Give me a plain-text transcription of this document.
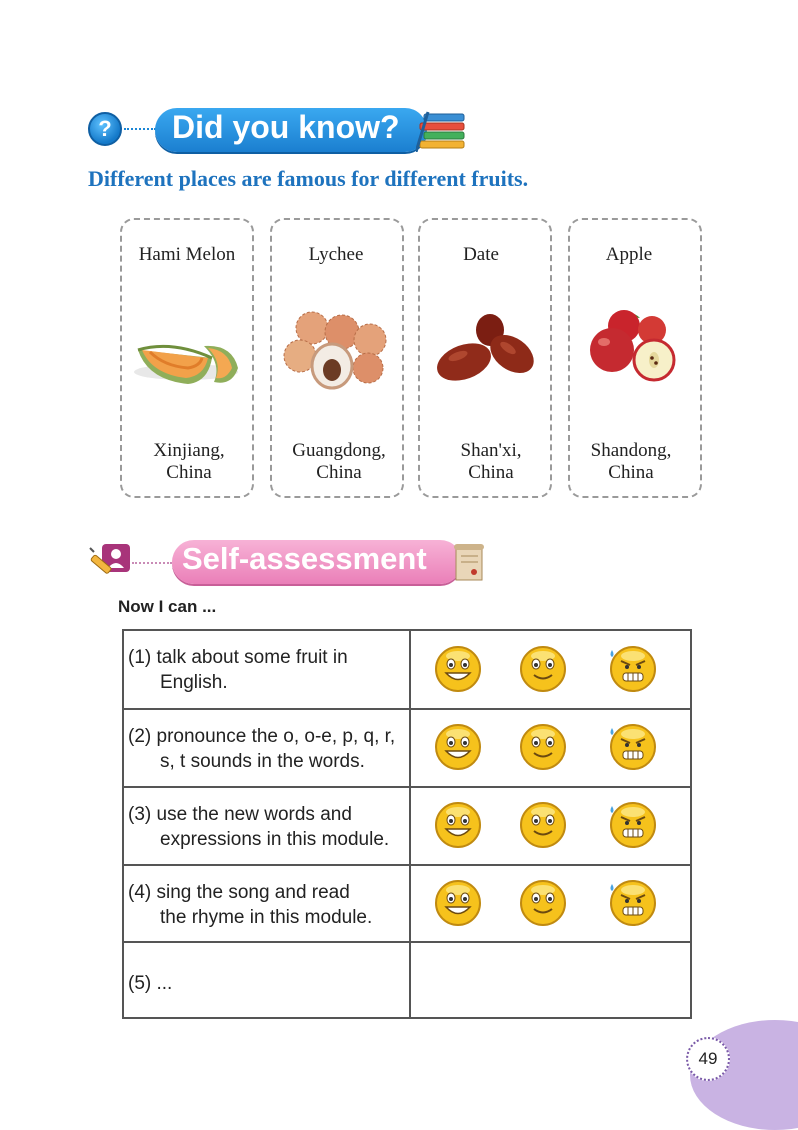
?	Did you know?
Different places are famous for different fruits.
Hami Melon	Lychee	Date	Apple
Xinjiang,
China
Guangdong,
China
Shan'xi,
China
Shandong,
China
Self-assessment
Now I can ...
(1) talk about some fruit in
English.
(2) pronounce the o, o-e, p, q, r,
s, t sounds in the words.
(3) use the new words and
expressions in this module.
(4) sing the song and read
the rhyme in this module.
(5) ...
49
